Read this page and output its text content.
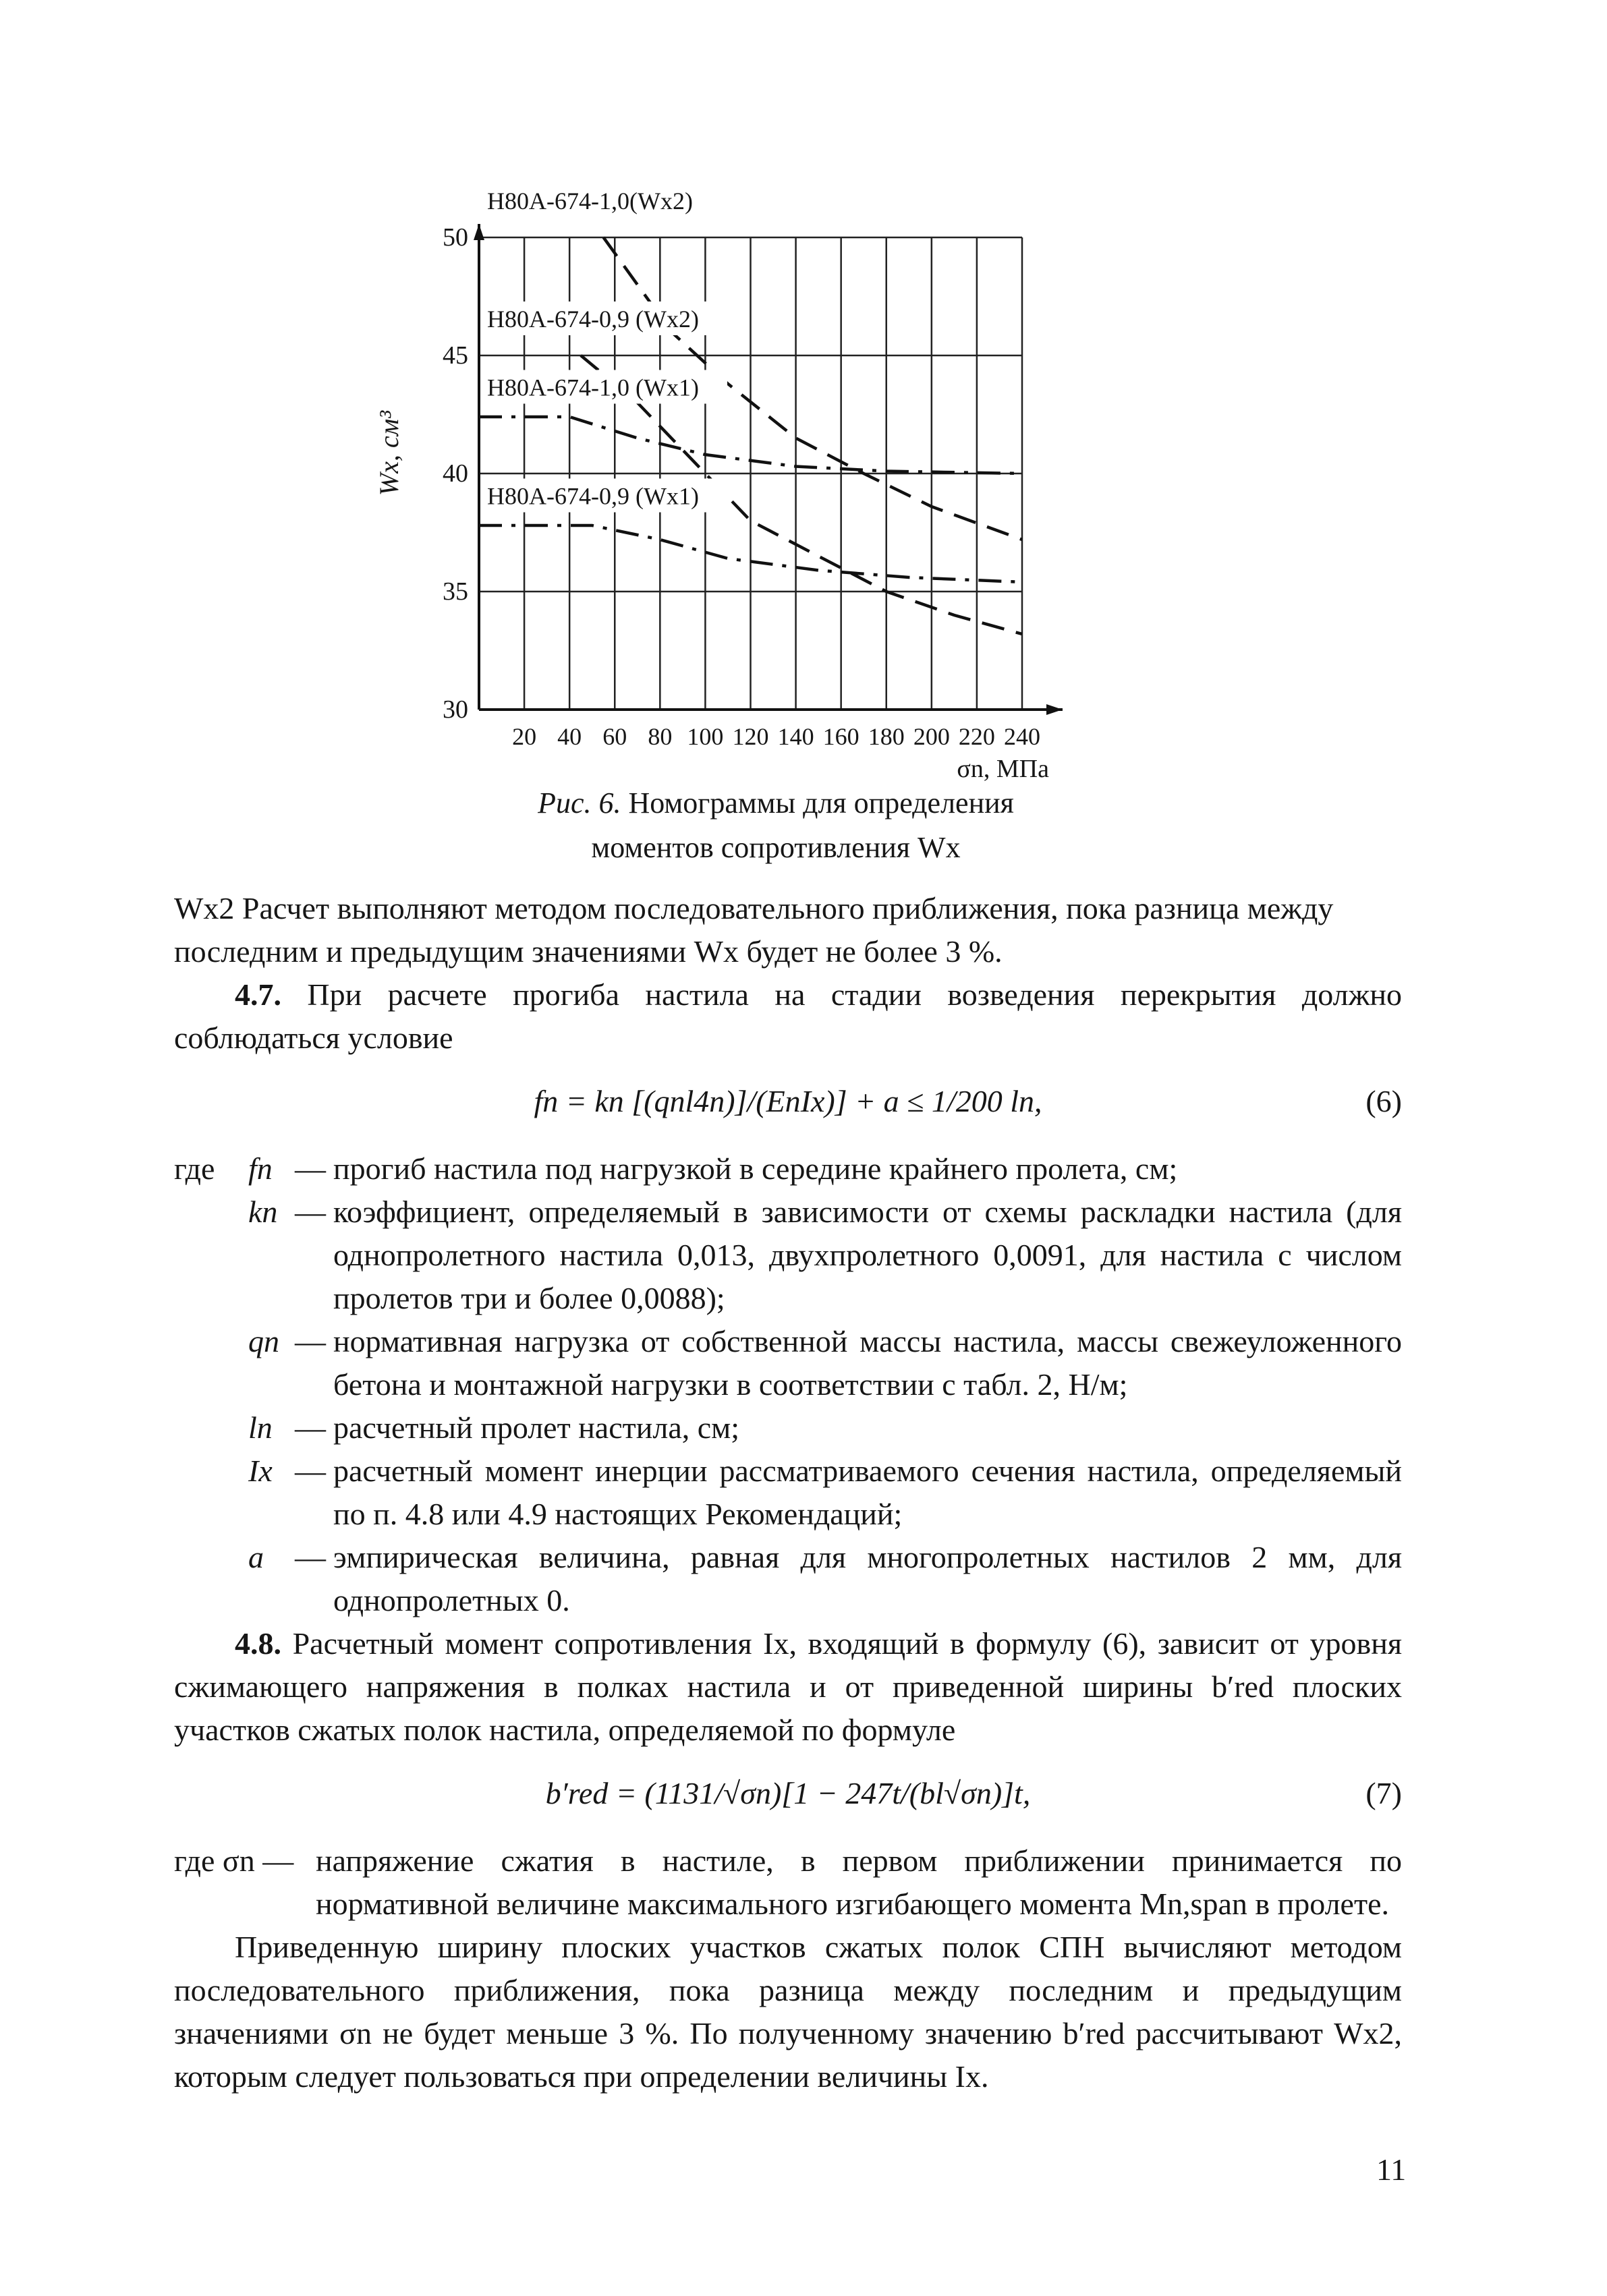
20 40 60 80 100 120 140 160 180 200 220 240
30
35
40
45
50
Wx, см³
σn, МПа
Н80А-674-1,0(Wx2)
Н80А-674-0,9 (Wx2)
Н80А-674-1,0 (Wx1)
Н80А-674-0,9 (Wx1)
Рис. 6. Номограммы для определения
моментов сопротивления Wx

Wx2 Расчет выполняют методом последовательного приближения, пока разница между

последним и предыдущим значениями Wx будет не более 3 %.

4.7. При расчете прогиба настила на стадии возведения перекрытия должно соблюдаться условие

fn = kn [(qnl4n)]/(EnIx)] + a ≤ 1/200 ln,	(6)
где	fn — прогиб настила под нагрузкой в середине крайнего пролета, см;
kn — коэффициент, определяемый в зависимости от схемы раскладки настила (для однопролетного настила 0,013, двухпролетного 0,0091, для настила с числом пролетов три и более 0,0088);
qn — нормативная нагрузка от собственной массы настила, массы свежеуложенного бетона и монтажной нагрузки в соответствии с табл. 2, Н/м;
ln — расчетный пролет настила, см;
Ix — расчетный момент инерции рассматриваемого сечения настила, определяемый по п. 4.8 или 4.9 настоящих Рекомендаций;
a	— эмпирическая величина, равная для многопролетных настилов 2 мм, для однопролетных 0.

4.8. Расчетный момент сопротивления Ix, входящий в формулу (6), зависит от уровня сжимающего напряжения в полках настила и от приведенной ширины b′red плоских участков сжатых полок настила, определяемой по формуле

b′red = (1131/√σn)[1 − 247t/(bl√σn)]t,	(7)
где σn — напряжение сжатия в настиле, в первом приближении принимается по нормативной величине максимального изгибающего момента Mn,span в пролете.

Приведенную ширину плоских участков сжатых полок СПН вычисляют методом последовательного приближения, пока разница между последним и предыдущим значениями σn не будет меньше 3 %. По полученному значению b′red рассчитывают Wx2, которым следует пользоваться при определении величины Ix.

11
